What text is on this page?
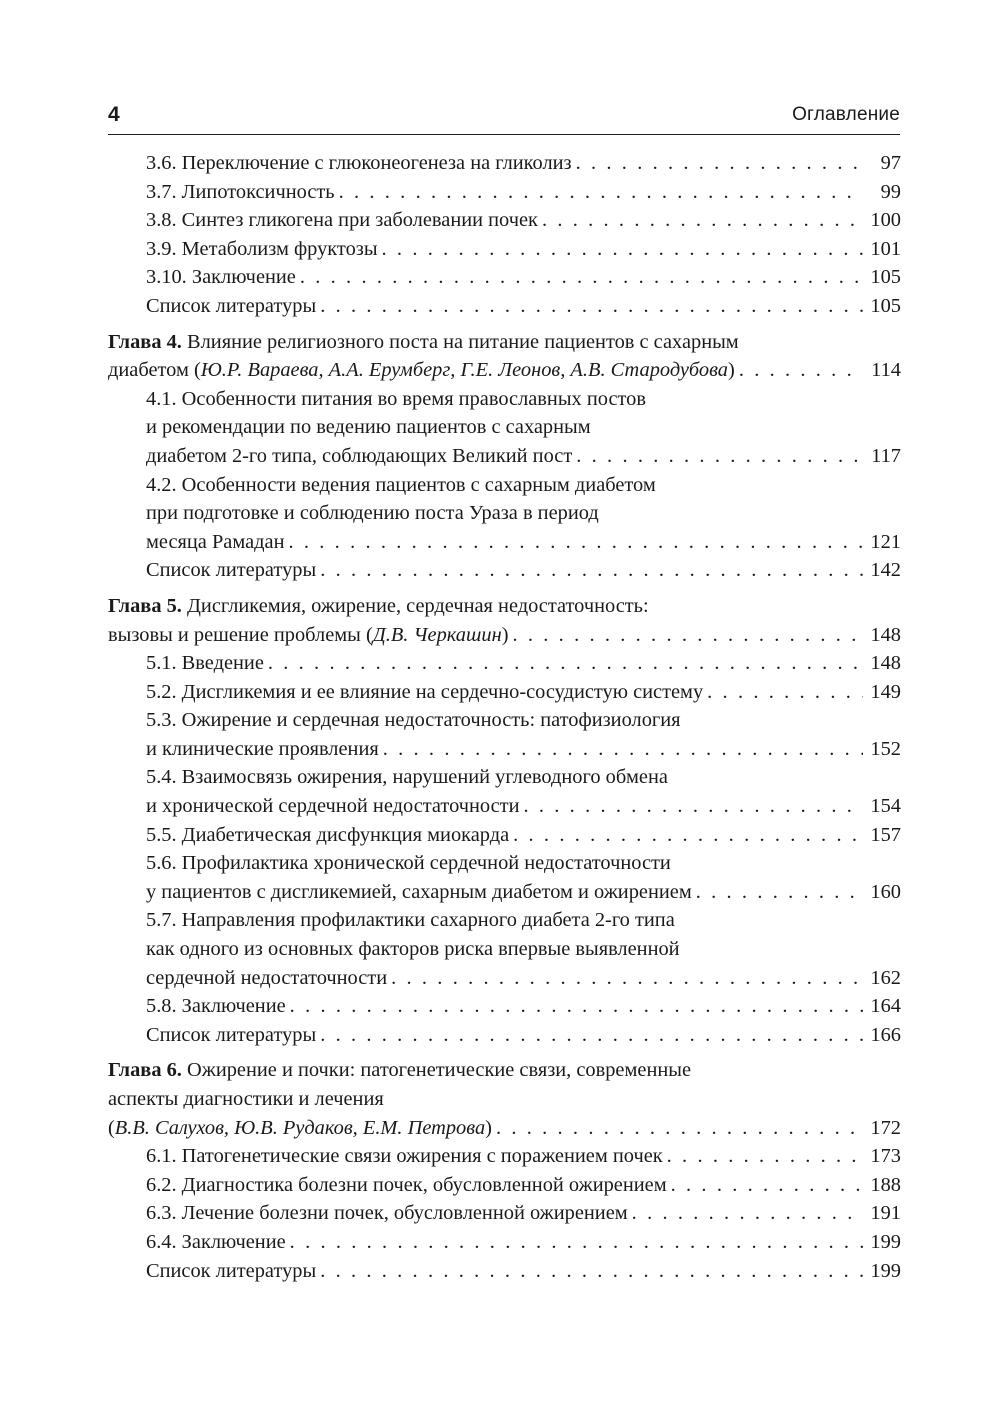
4	Оглавление
3.6. Переключение с глюконеогенеза на гликолиз . . .	97
3.7. Липотоксичность . . .	99
3.8. Синтез гликогена при заболевании почек . . .	100
3.9. Метаболизм фруктозы . . .	101
3.10. Заключение . . .	105
Список литературы . . .	105
Глава 4. Влияние религиозного поста на питание пациентов с сахарным
диабетом (Ю.Р. Вараева, А.А. Ерумберг, Г.Е. Леонов, А.В. Стародубова) . . .	114
4.1. Особенности питания во время православных постов
и рекомендации по ведению пациентов с сахарным
диабетом 2-го типа, соблюдающих Великий пост . . .	117
4.2. Особенности ведения пациентов с сахарным диабетом
при подготовке и соблюдению поста Ураза в период
месяца Рамадан . . .	121
Список литературы . . .	142
Глава 5. Дисгликемия, ожирение, сердечная недостаточность:
вызовы и решение проблемы (Д.В. Черкашин) . . .	148
5.1. Введение . . .	148
5.2. Дисгликемия и ее влияние на сердечно-сосудистую систему . . .	149
5.3. Ожирение и сердечная недостаточность: патофизиология
и клинические проявления . . .	152
5.4. Взаимосвязь ожирения, нарушений углеводного обмена
и хронической сердечной недостаточности . . .	154
5.5. Диабетическая дисфункция миокарда . . .	157
5.6. Профилактика хронической сердечной недостаточности
у пациентов с дисгликемией, сахарным диабетом и ожирением . . .	160
5.7. Направления профилактики сахарного диабета 2-го типа
как одного из основных факторов риска впервые выявленной
сердечной недостаточности . . .	162
5.8. Заключение . . .	164
Список литературы . . .	166
Глава 6. Ожирение и почки: патогенетические связи, современные
аспекты диагностики и лечения
(В.В. Салухов, Ю.В. Рудаков, Е.М. Петрова) . . .	172
6.1. Патогенетические связи ожирения с поражением почек . . .	173
6.2. Диагностика болезни почек, обусловленной ожирением . . .	188
6.3. Лечение болезни почек, обусловленной ожирением . . .	191
6.4. Заключение . . .	199
Список литературы . . .	199
